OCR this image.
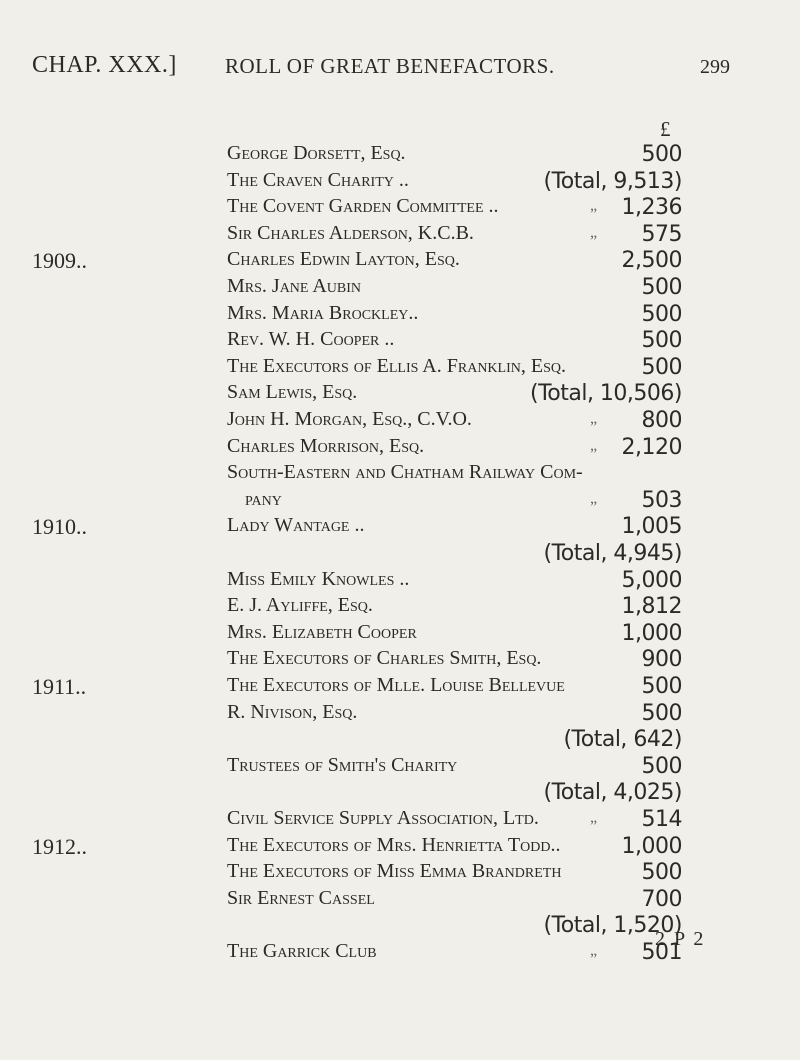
CHAP. XXX.] ROLL OF GREAT BENEFACTORS.	299
£
George Dorsett, Esq.	500
The Craven Charity ..	(Total, 9,513)
The Covent Garden Committee ..	„ 1,236
Sir Charles Alderson, K.C.B.	„ 575
1909..	Charles Edwin Layton, Esq.	2,500
Mrs. Jane Aubin	500
Mrs. Maria Brockley..	500
Rev. W. H. Cooper ..	500
The Executors of Ellis A. Franklin, Esq.	500
Sam Lewis, Esq.	(Total, 10,506)
John H. Morgan, Esq., C.V.O.	„ 800
Charles Morrison, Esq.	„ 2,120
South-Eastern and Chatham Railway Com-
pany	„ 503
1910..	Lady Wantage ..	1,005
(Total, 4,945)
Miss Emily Knowles ..	5,000
E. J. Ayliffe, Esq.	1,812
Mrs. Elizabeth Cooper	1,000
The Executors of Charles Smith, Esq.	900
1911..	The Executors of Mlle. Louise Bellevue	500
R. Nivison, Esq.	500
(Total, 642)
Trustees of Smith's Charity	500
(Total, 4,025)
Civil Service Supply Association, Ltd.	„ 514
1912..	The Executors of Mrs. Henrietta Todd..	1,000
The Executors of Miss Emma Brandreth	500
Sir Ernest Cassel	700
(Total, 1,520)
The Garrick Club	„ 501
2 P 2
